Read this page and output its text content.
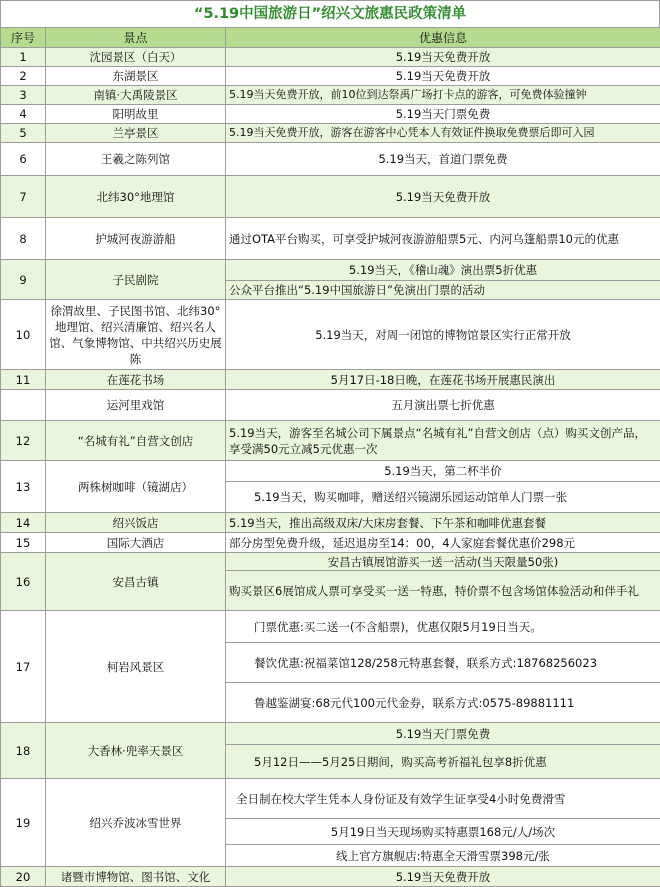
“5.19中国旅游日”绍兴文旅惠民政策清单
序号	景点	优惠信息
1	沈园景区（白天）	5.19当天免费开放
2	东湖景区	5.19当天免费开放
3	南镇·大禹陵景区	5.19当天免费开放，前10位到达祭禹广场打卡点的游客，可免费体验撞钟
4	阳明故里	5.19当天门票免费
5	兰亭景区	5.19当天免费开放，游客在游客中心凭本人有效证件换取免费票后即可入园
6	王羲之陈列馆	5.19当天，首道门票免费
7	北纬30°地理馆	5.19当天免费开放
8	护城河夜游游船	通过OTA平台购买，可享受护城河夜游游船票5元、内河乌篷船票10元的优惠
9	子民剧院	5.19当天，《稽山魂》演出票5折优惠
		公众平台推出“5.19中国旅游日”免演出门票的活动
10	徐渭故里、子民图书馆、北纬30°地理馆、绍兴清廉馆、绍兴名人馆、气象博物馆、中共绍兴历史展陈	5.19当天，对周一闭馆的博物馆景区实行正常开放
11	在莲花书场	5月17日-18日晚，在莲花书场开展惠民演出
	运河里戏馆	五月演出票七折优惠
12	“名城有礼”自营文创店	5.19当天，游客至名城公司下属景点“名城有礼”自营文创店（点）购买文创产品，享受满50元立减5元优惠一次
13	两株树咖啡（镜湖店）	5.19当天，第二杯半价
		5.19当天，购买咖啡，赠送绍兴镜湖乐园运动馆单人门票一张
14	绍兴饭店	5.19当天，推出高级双床/大床房套餐、下午茶和咖啡优惠套餐
15	国际大酒店	部分房型免费升级，延迟退房至14：00，4人家庭套餐优惠价298元
16	安昌古镇	安昌古镇展馆游买一送一活动(当天限量50张)
		购买景区6展馆成人票可享受买一送一特惠，特价票不包含场馆体验活动和伴手礼
17	柯岩风景区	门票优惠:买二送一(不含船票)，优惠仅限5月19日当天。
		餐饮优惠:祝福菜馆128/258元特惠套餐，联系方式:18768256023
		鲁越鉴湖宴:68元代100元代金券，联系方式:0575-89881111
18	大香林·兜率天景区	5.19当天门票免费
		5月12日——5月25日期间，购买高考祈福礼包享8折优惠
19	绍兴乔波冰雪世界	全日制在校大学生凭本人身份证及有效学生证享受4小时免费滑雪
		5月19日当天现场购买特惠票168元/人/场次
		线上官方旗舰店:特惠全天滑雪票398元/张
20	诸暨市博物馆、图书馆、文化	5.19当天免费开放
